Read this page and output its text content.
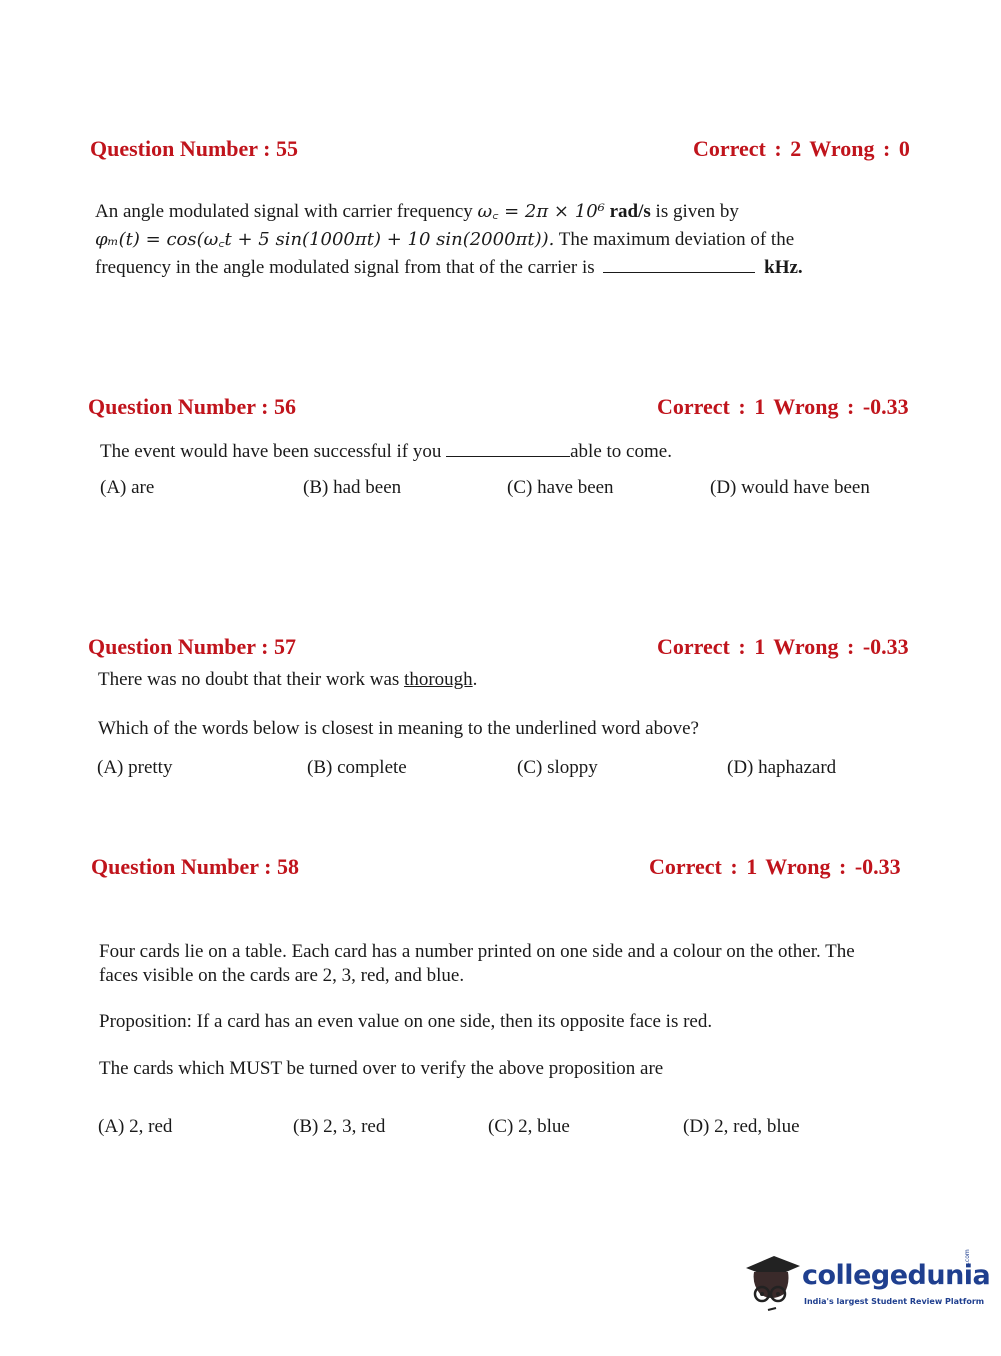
Question Number : 55	Correct : 2 Wrong : 0
An angle modulated signal with carrier frequency ω꜀ = 2π × 10⁶ rad/s is given by
φₘ(t) = cos(ω꜀t + 5 sin(1000πt) + 10 sin(2000πt)). The maximum deviation of the
frequency in the angle modulated signal from that of the carrier is	kHz.
Question Number : 56	Correct : 1 Wrong : -0.33
The event would have been successful if you	able to come.
(A) are	(B) had been	(C) have been	(D) would have been
Question Number : 57	Correct : 1 Wrong : -0.33
There was no doubt that their work was thorough.
Which of the words below is closest in meaning to the underlined word above?
(A) pretty	(B) complete	(C) sloppy	(D) haphazard
Question Number : 58	Correct : 1 Wrong : -0.33
Four cards lie on a table. Each card has a number printed on one side and a colour on the other. The
faces visible on the cards are 2, 3, red, and blue.
Proposition: If a card has an even value on one side, then its opposite face is red.
The cards which MUST be turned over to verify the above proposition are
(A) 2, red	(B) 2, 3, red	(C) 2, blue	(D) 2, red, blue
collegedunia
.com
India's largest Student Review Platform
